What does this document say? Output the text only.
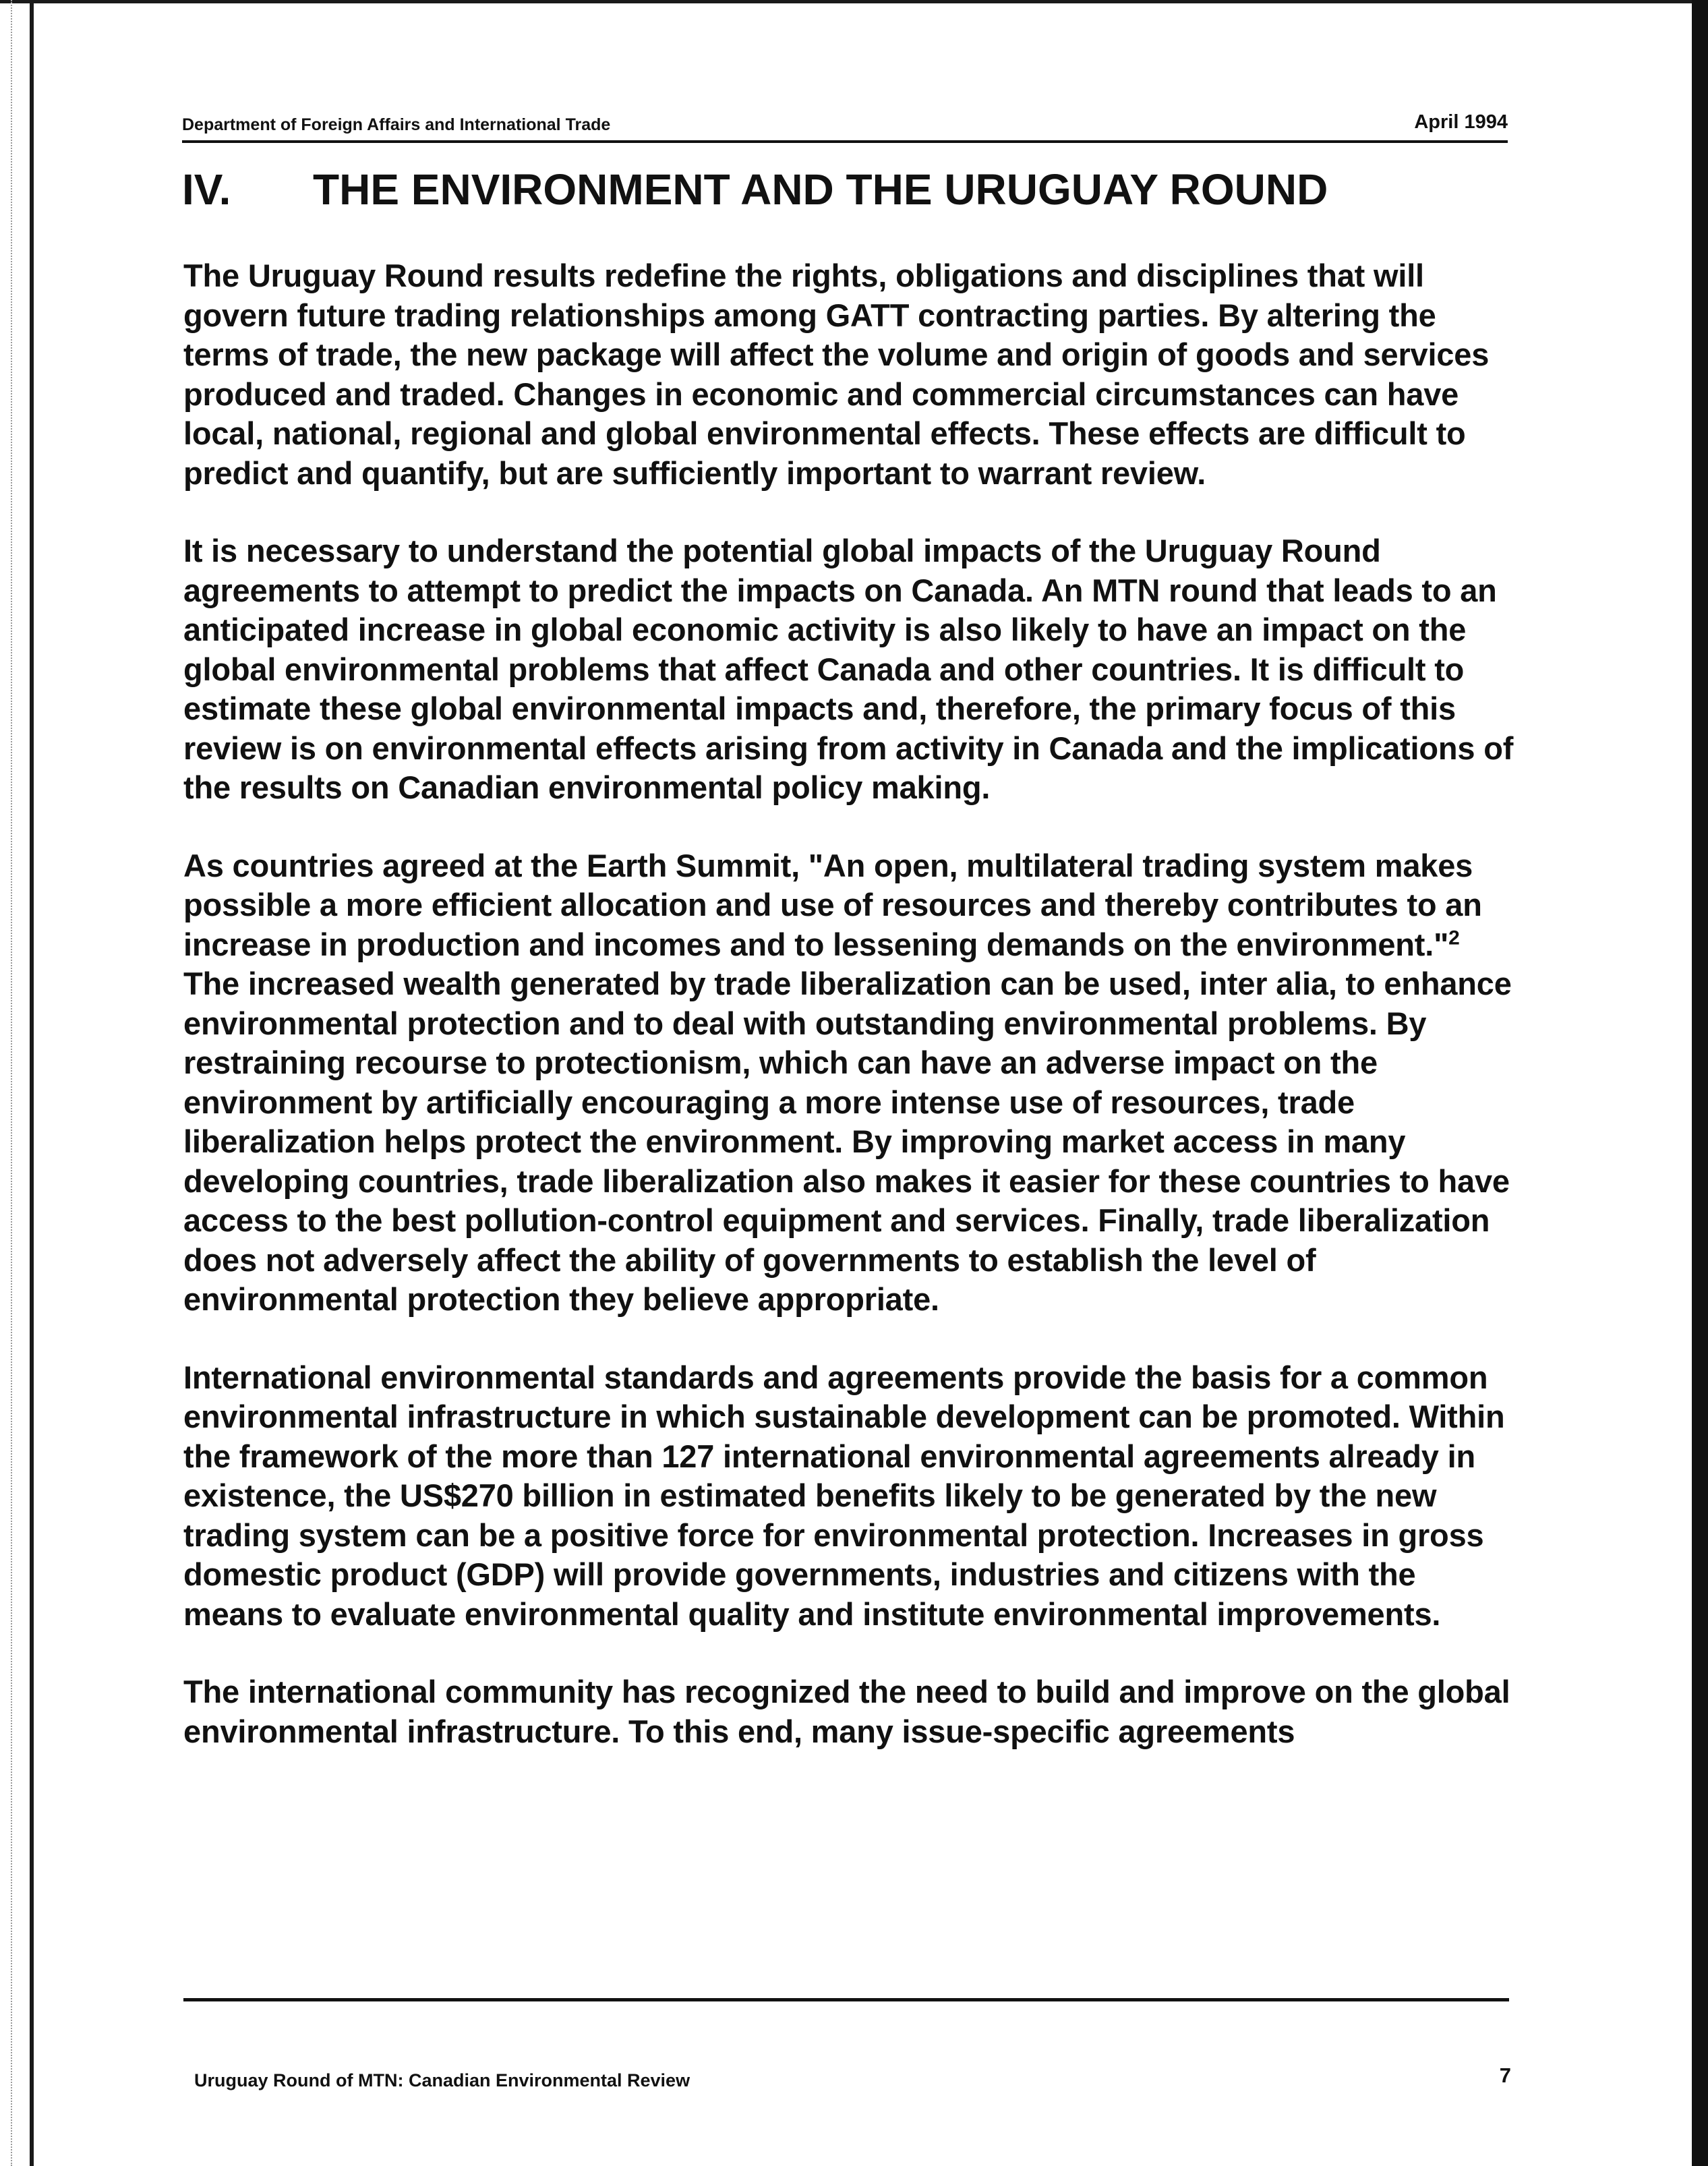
Department of Foreign Affairs and International Trade	April 1994
IV. THE ENVIRONMENT AND THE URUGUAY ROUND

The Uruguay Round results redefine the rights, obligations and disciplines that will govern future trading relationships among GATT contracting parties. By altering the terms of trade, the new package will affect the volume and origin of goods and services produced and traded. Changes in economic and commercial circumstances can have local, national, regional and global environmental effects. These effects are difficult to predict and quantify, but are sufficiently important to warrant review.

It is necessary to understand the potential global impacts of the Uruguay Round agreements to attempt to predict the impacts on Canada. An MTN round that leads to an anticipated increase in global economic activity is also likely to have an impact on the global environmental problems that affect Canada and other countries. It is difficult to estimate these global environmental impacts and, therefore, the primary focus of this review is on environmental effects arising from activity in Canada and the implications of the results on Canadian environmental policy making.

As countries agreed at the Earth Summit, "An open, multilateral trading system makes possible a more efficient allocation and use of resources and thereby contributes to an increase in production and incomes and to lessening demands on the environment."$^2$ The increased wealth generated by trade liberalization can be used, inter alia, to enhance environmental protection and to deal with outstanding environmental problems. By restraining recourse to protectionism, which can have an adverse impact on the environment by artificially encouraging a more intense use of resources, trade liberalization helps protect the environment. By improving market access in many developing countries, trade liberalization also makes it easier for these countries to have access to the best pollution-control equipment and services. Finally, trade liberalization does not adversely affect the ability of governments to establish the level of environmental protection they believe appropriate.

International environmental standards and agreements provide the basis for a common environmental infrastructure in which sustainable development can be promoted. Within the framework of the more than 127 international environmental agreements already in existence, the US$270 billion in estimated benefits likely to be generated by the new trading system can be a positive force for environmental protection. Increases in gross domestic product (GDP) will provide governments, industries and citizens with the means to evaluate environmental quality and institute environmental improvements.

The international community has recognized the need to build and improve on the global environmental infrastructure. To this end, many issue-specific agreements

Uruguay Round of MTN: Canadian Environmental Review	7
